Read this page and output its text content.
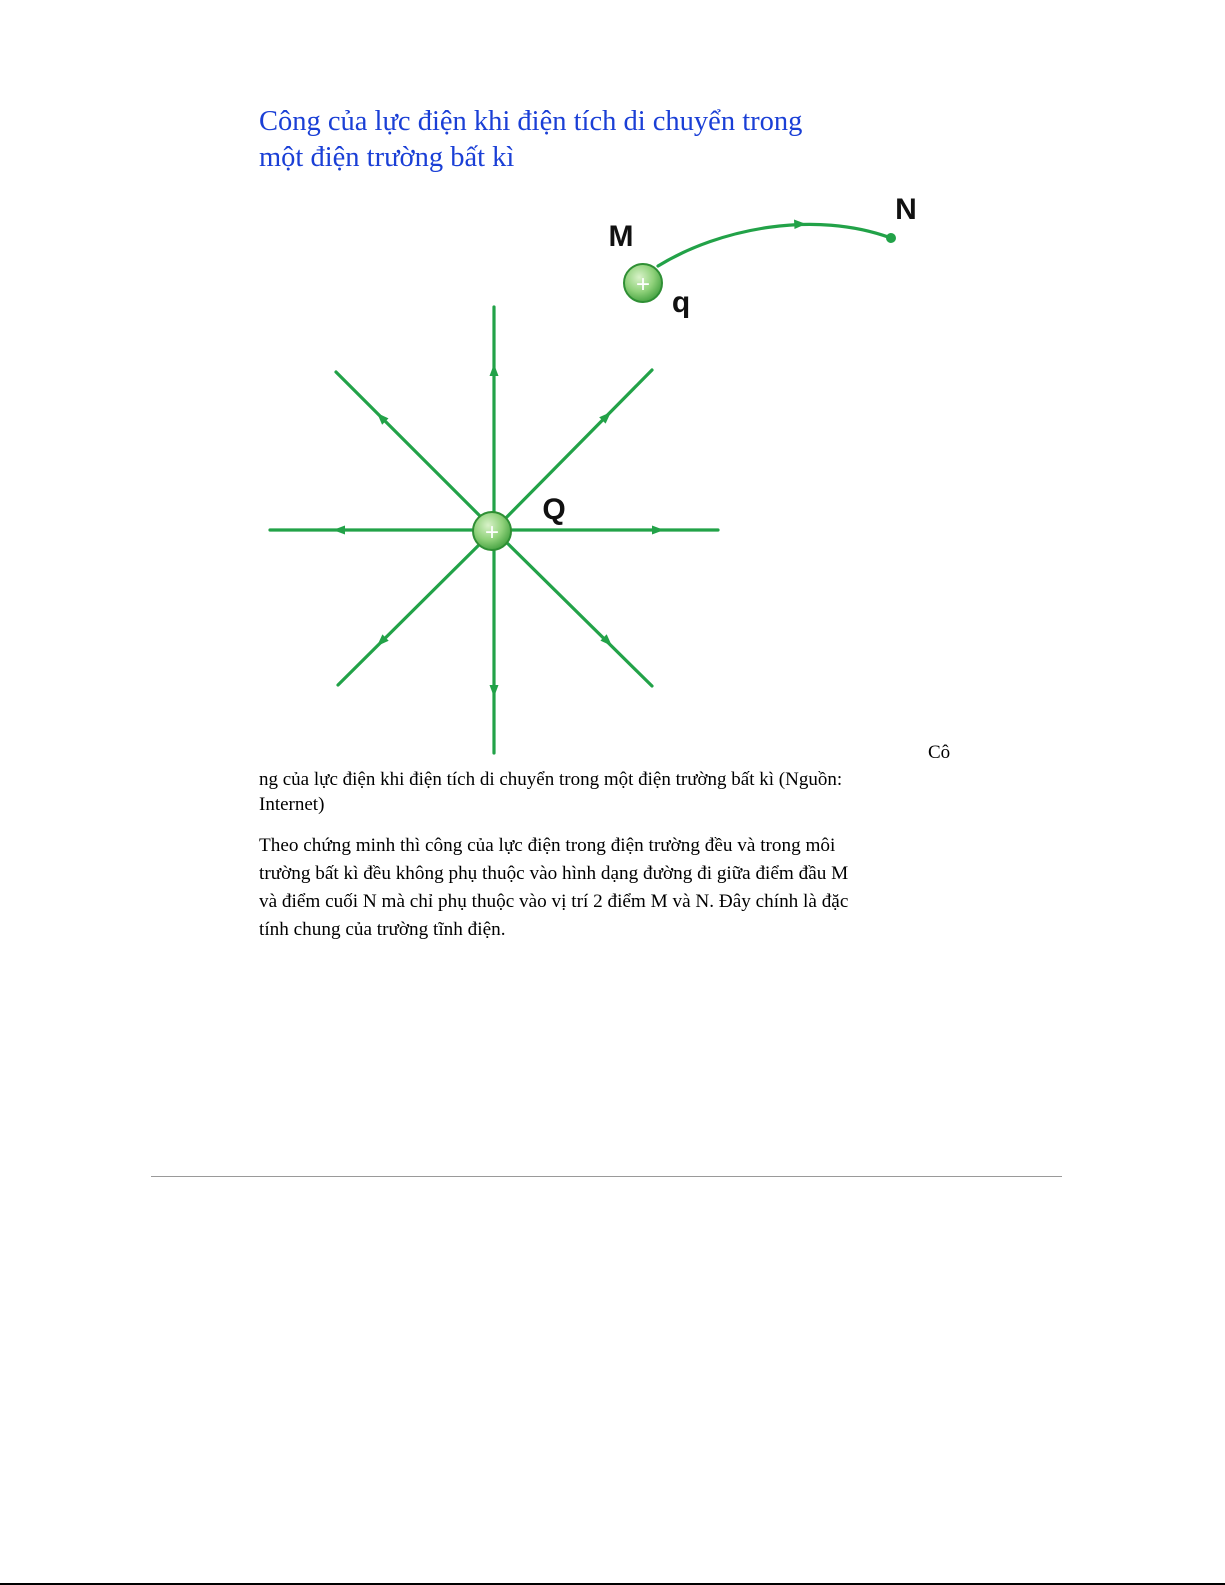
Công của lực điện khi điện tích di chuyển trong
một điện trường bất kì
+
+
M
N
q
Q
Cô

ng của lực điện khi điện tích di chuyển trong một điện trường bất kì (Nguồn:
Internet)

Theo chứng minh thì công của lực điện trong điện trường đều và trong môi
trường bất kì đều không phụ thuộc vào hình dạng đường đi giữa điểm đầu M
và điểm cuối N mà chỉ phụ thuộc vào vị trí 2 điểm M và N. Đây chính là đặc
tính chung của trường tĩnh điện.
